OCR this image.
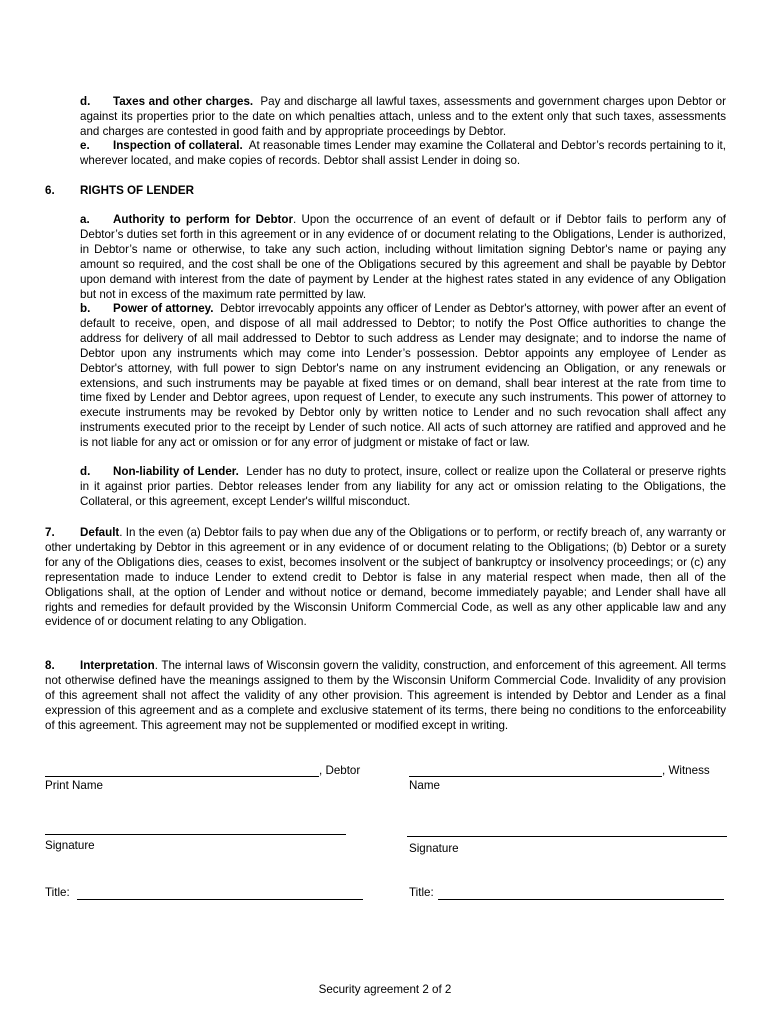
d. Taxes and other charges. Pay and discharge all lawful taxes, assessments and government charges upon Debtor or against its properties prior to the date on which penalties attach, unless and to the extent only that such taxes, assessments and charges are contested in good faith and by appropriate proceedings by Debtor.
e. Inspection of collateral. At reasonable times Lender may examine the Collateral and Debtor’s records pertaining to it, wherever located, and make copies of records. Debtor shall assist Lender in doing so.
6. RIGHTS OF LENDER
a. Authority to perform for Debtor. Upon the occurrence of an event of default or if Debtor fails to perform any of Debtor’s duties set forth in this agreement or in any evidence of or document relating to the Obligations, Lender is authorized, in Debtor’s name or otherwise, to take any such action, including without limitation signing Debtor's name or paying any amount so required, and the cost shall be one of the Obligations secured by this agreement and shall be payable by Debtor upon demand with interest from the date of payment by Lender at the highest rates stated in any evidence of any Obligation but not in excess of the maximum rate permitted by law.
b. Power of attorney. Debtor irrevocably appoints any officer of Lender as Debtor's attorney, with power after an event of default to receive, open, and dispose of all mail addressed to Debtor; to notify the Post Office authorities to change the address for delivery of all mail addressed to Debtor to such address as Lender may designate; and to indorse the name of Debtor upon any instruments which may come into Lender’s possession. Debtor appoints any employee of Lender as Debtor's attorney, with full power to sign Debtor's name on any instrument evidencing an Obligation, or any renewals or extensions, and such instruments may be payable at fixed times or on demand, shall bear interest at the rate from time to time fixed by Lender and Debtor agrees, upon request of Lender, to execute any such instruments. This power of attorney to execute instruments may be revoked by Debtor only by written notice to Lender and no such revocation shall affect any instruments executed prior to the receipt by Lender of such notice. All acts of such attorney are ratified and approved and he is not liable for any act or omission or for any error of judgment or mistake of fact or law.
d. Non-liability of Lender. Lender has no duty to protect, insure, collect or realize upon the Collateral or preserve rights in it against prior parties. Debtor releases lender from any liability for any act or omission relating to the Obligations, the Collateral, or this agreement, except Lender's willful misconduct.
7. Default. In the even (a) Debtor fails to pay when due any of the Obligations or to perform, or rectify breach of, any warranty or other undertaking by Debtor in this agreement or in any evidence of or document relating to the Obligations; (b) Debtor or a surety for any of the Obligations dies, ceases to exist, becomes insolvent or the subject of bankruptcy or insolvency proceedings; or (c) any representation made to induce Lender to extend credit to Debtor is false in any material respect when made, then all of the Obligations shall, at the option of Lender and without notice or demand, become immediately payable; and Lender shall have all rights and remedies for default provided by the Wisconsin Uniform Commercial Code, as well as any other applicable law and any evidence of or document relating to any Obligation.
8. Interpretation. The internal laws of Wisconsin govern the validity, construction, and enforcement of this agreement. All terms not otherwise defined have the meanings assigned to them by the Wisconsin Uniform Commercial Code. Invalidity of any provision of this agreement shall not affect the validity of any other provision. This agreement is intended by Debtor and Lender as a final expression of this agreement and as a complete and exclusive statement of its terms, there being no conditions to the enforceability of this agreement. This agreement may not be supplemented or modified except in writing.
, Debtor
Print Name
, Witness
Name
Signature	Signature
Title:	Title:
Security agreement 2 of 2
